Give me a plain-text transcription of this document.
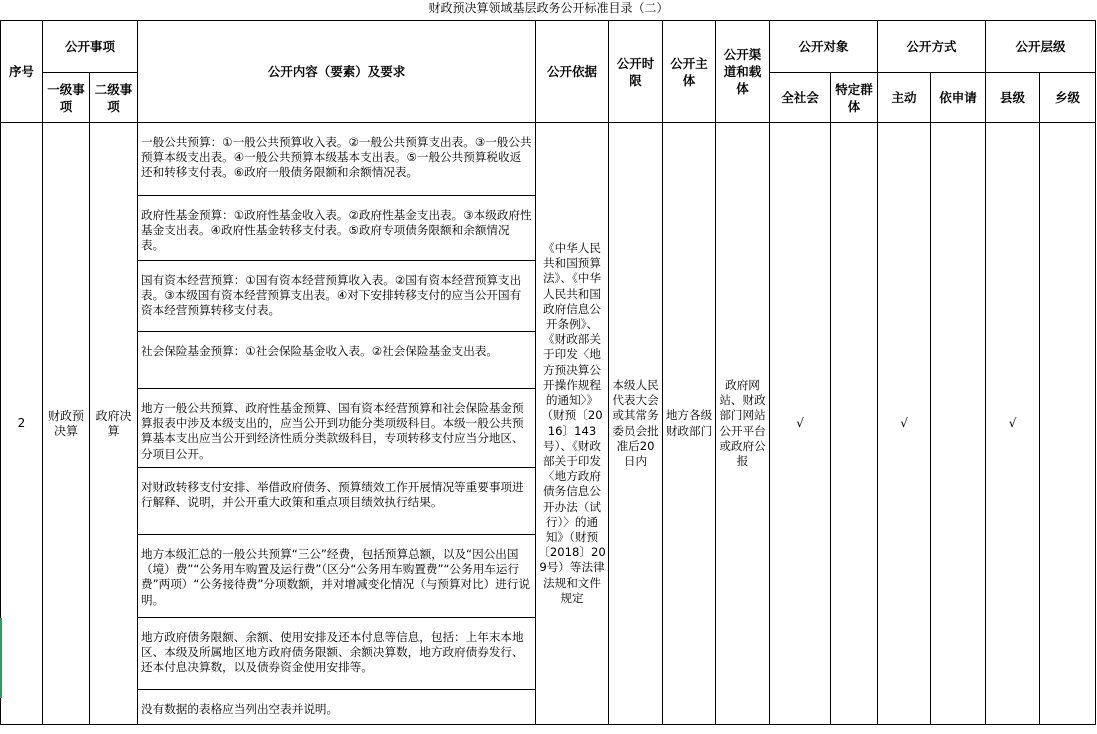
财政预决算领域基层政务公开标准目录（二）
序号	公开事项		公开内容（要素）及要求	公开依据	公开时限	公开主体	公开渠道和载体	公开对象		公开方式		公开层级	
	一级事项	二级事项						全社会	特定群体	主动	依申请	县级	乡级
2	财政预决算	政府决算	一般公共预算：①一般公共预算收入表。②一般公共预算支出表。③一般公共预算本级支出表。④一般公共预算本级基本支出表。⑤一般公共预算税收返还和转移支付表。⑥政府一般债务限额和余额情况表。	《中华人民共和国预算法》、《中华人民共和国政府信息公开条例》、《财政部关于印发〈地方预决算公开操作规程的通知〉》（财预〔2016〕143号）、《财政部关于印发〈地方政府债务信息公开办法（试行）〉的通知》（财预〔2018〕209号）等法律法规和文件规定	本级人民代表大会或其常务委员会批准后20日内	地方各级财政部门	政府网站、财政部门网站公开平台或政府公报	√		√		√	
			政府性基金预算：①政府性基金收入表。②政府性基金支出表。③本级政府性基金支出表。④政府性基金转移支付表。⑤政府专项债务限额和余额情况表。										
			国有资本经营预算：①国有资本经营预算收入表。②国有资本经营预算支出表。③本级国有资本经营预算支出表。④对下安排转移支付的应当公开国有资本经营预算转移支付表。										
			社会保险基金预算：①社会保险基金收入表。②社会保险基金支出表。										
			地方一般公共预算、政府性基金预算、国有资本经营预算和社会保险基金预算报表中涉及本级支出的，应当公开到功能分类项级科目。本级一般公共预算基本支出应当公开到经济性质分类款级科目，专项转移支付应当分地区、分项目公开。										
			对财政转移支付安排、举借政府债务、预算绩效工作开展情况等重要事项进行解释、说明，并公开重大政策和重点项目绩效执行结果。										
			地方本级汇总的一般公共预算“三公”经费，包括预算总额，以及“因公出国（境）费”“公务用车购置及运行费”（区分“公务用车购置费”“公务用车运行费”两项）“公务接待费”分项数额，并对增减变化情况（与预算对比）进行说明。										
			地方政府债务限额、余额、使用安排及还本付息等信息，包括：上年末本地区、本级及所属地区地方政府债务限额、余额决算数，地方政府债券发行、还本付息决算数，以及债券资金使用安排等。										
			没有数据的表格应当列出空表并说明。										
